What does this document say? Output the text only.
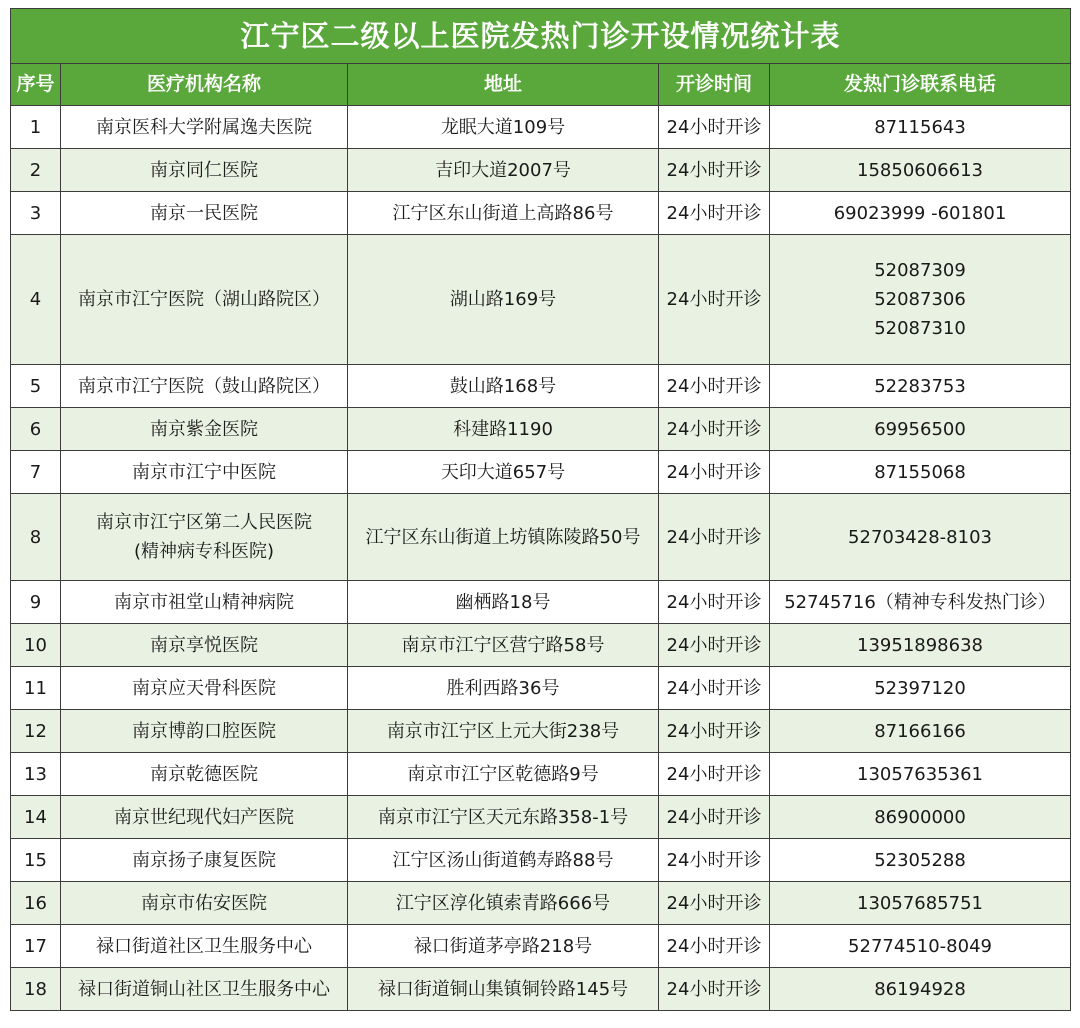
江宁区二级以上医院发热门诊开设情况统计表				
序号	医疗机构名称	地址	开诊时间	发热门诊联系电话
1	南京医科大学附属逸夫医院	龙眠大道109号	24小时开诊	87115643

2	南京同仁医院	吉印大道2007号	24小时开诊	15850606613

3	南京一民医院	江宁区东山街道上高路86号	24小时开诊	69023999 -601801

4	南京市江宁医院（湖山路院区）	湖山路169号	24小时开诊	52087309
52087306
52087310

5	南京市江宁医院（鼓山路院区）	鼓山路168号	24小时开诊	52283753

6	南京紫金医院	科建路1190	24小时开诊	69956500

7	南京市江宁中医院	天印大道657号	24小时开诊	87155068

8	南京市江宁区第二人民医院
(精神病专科医院)	江宁区东山街道上坊镇陈陵路50号	24小时开诊	52703428-8103

9	南京市祖堂山精神病院	幽栖路18号	24小时开诊	52745716（精神专科发热门诊）

10	南京享悦医院	南京市江宁区营宁路58号	24小时开诊	13951898638

11	南京应天骨科医院	胜利西路36号	24小时开诊	52397120

12	南京博韵口腔医院	南京市江宁区上元大街238号	24小时开诊	87166166

13	南京乾德医院	南京市江宁区乾德路9号	24小时开诊	13057635361

14	南京世纪现代妇产医院	南京市江宁区天元东路358-1号	24小时开诊	86900000

15	南京扬子康复医院	江宁区汤山街道鹤寿路88号	24小时开诊	52305288

16	南京市佑安医院	江宁区淳化镇索青路666号	24小时开诊	13057685751

17	禄口街道社区卫生服务中心	禄口街道茅亭路218号	24小时开诊	52774510-8049

18	禄口街道铜山社区卫生服务中心	禄口街道铜山集镇铜铃路145号	24小时开诊	86194928
